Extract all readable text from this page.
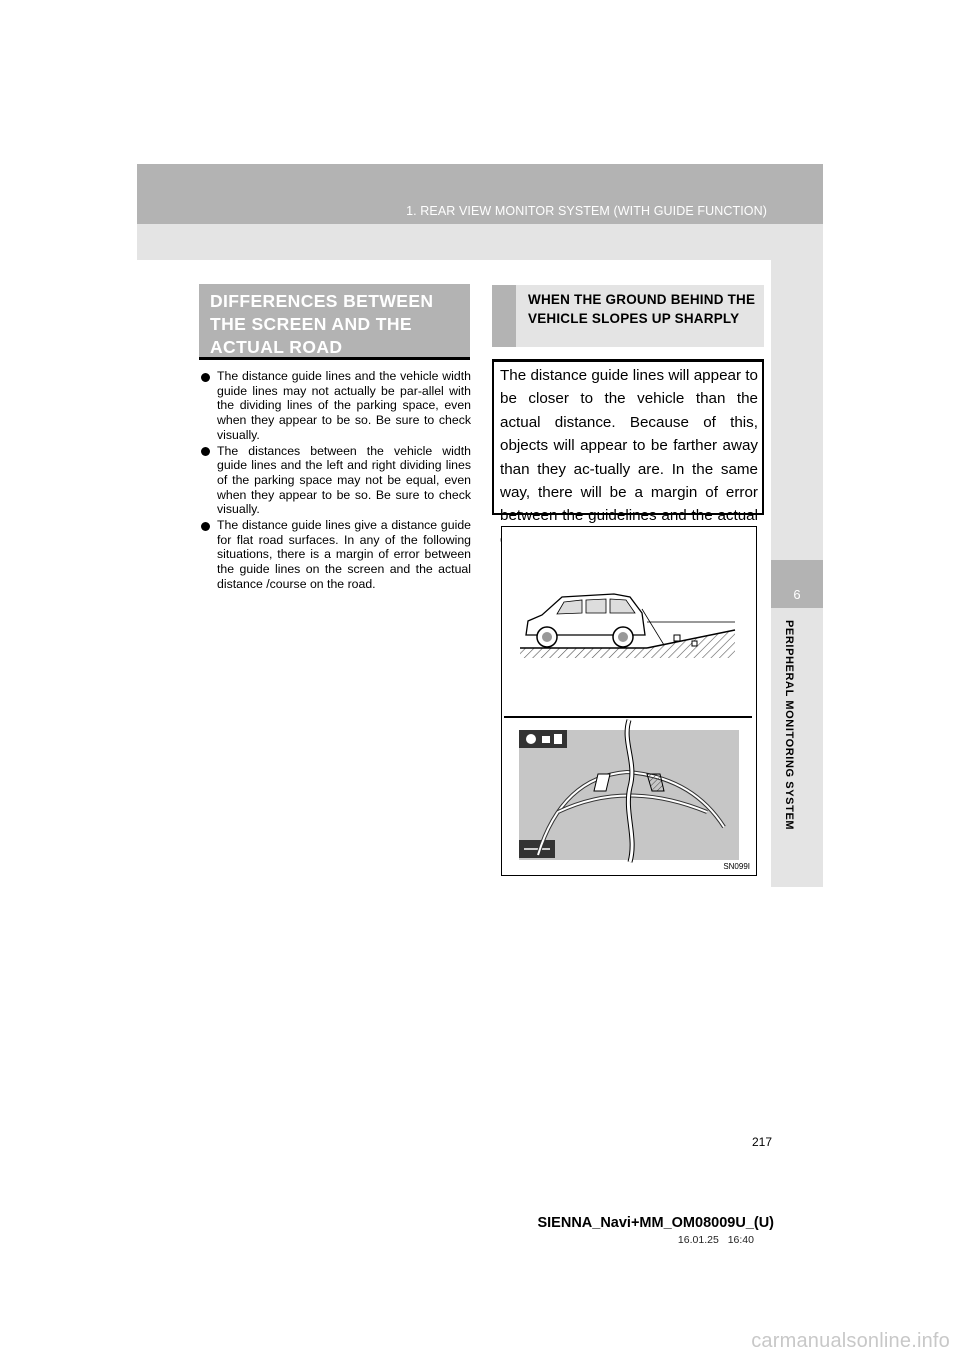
1. REAR VIEW MONITOR SYSTEM (WITH GUIDE FUNCTION)
6
PERIPHERAL MONITORING SYSTEM
DIFFERENCES BETWEEN THE SCREEN AND THE ACTUAL ROAD
The distance guide lines and the vehicle width guide lines may not actually be par-allel with the dividing lines of the parking space, even when they appear to be so. Be sure to check visually.
The distances between the vehicle width guide lines and the left and right dividing lines of the parking space may not be equal, even when they appear to be so. Be sure to check visually.
The distance guide lines give a distance guide for flat road surfaces. In any of the following situations, there is a margin of error between the guide lines on the screen and the actual distance /course on the road.
WHEN THE GROUND BEHIND THE VEHICLE SLOPES UP SHARPLY
The distance guide lines will appear to be closer to the vehicle than the actual distance. Because of this, objects will appear to be farther away than they ac-tually are. In the same way, there will be a margin of error between the guidelines and the actual
SN099I
217
SIENNA_Navi+MM_OM08009U_(U)
16.01.25 16:40
carmanualsonline.info
